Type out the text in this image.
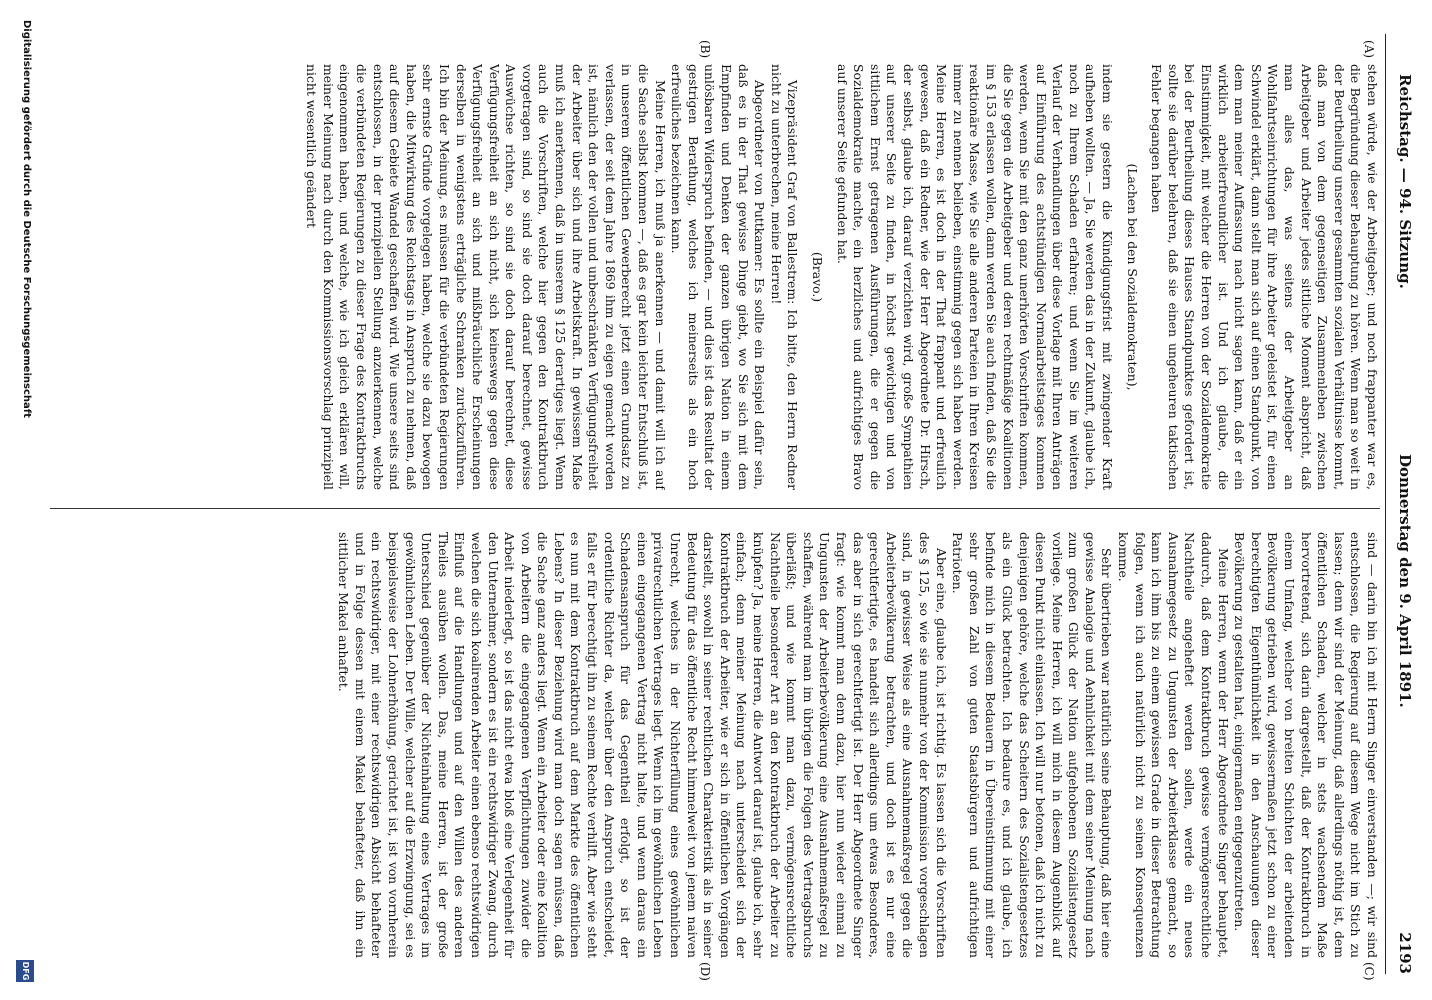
Reichstag. — 94. Sitzung.
Donnerstag den 9. April 1891.
2193
(A)
(B)
(C)
(D)

stehen würde, wie der Arbeitgeber; und noch frappanter war es, die Begründung dieser Behauptung zu hören. Wenn man so weit in der Beurtheilung unserer gesammten sozialen Verhältnisse kommt, daß man von dem gegenseitigen Zusammenleben zwischen Arbeitgeber und Arbeiter jedes sittliche Moment abspricht, daß man alles das, was seitens der Arbeitgeber an Wohlfahrtseinrichtungen für ihre Arbeiter geleistet ist, für einen Schwindel erklärt, dann stellt man sich auf einen Standpunkt, von dem man meiner Auffassung nach nicht sagen kann, daß er ein wirklich arbeiterfreundlicher ist. Und ich glaube, die Einstimmigkeit, mit welcher die Herren von der Sozialdemokratie bei der Beurtheilung dieses Hauses Standpunktes gefordert ist, sollte sie darüber belehren, daß sie einen ungeheuren taktischen Fehler begangen haben

(Lachen bei den Sozialdemokraten),

indem sie gestern die Kündigungsfrist mit zwingender Kraft aufheben wollten. — Ja, Sie werden das in der Zukunft, glaube ich, noch zu Ihrem Schaden erfahren; und wenn Sie im weiteren Verlauf der Verhandlungen über diese Vorlage mit Ihren Anträgen auf Einführung des achtstündigen Normalarbeitstages kommen werden, wenn Sie mit den ganz unerhörten Vorschriften kommen, die Sie gegen die Arbeitgeber und deren rechtmäßige Koalitionen im § 153 erlassen wollen, dann werden Sie auch finden, daß Sie die reaktionäre Masse, wie Sie alle anderen Parteien in Ihren Kreisen immer zu nennen belieben, einstimmig gegen sich haben werden. Meine Herren, es ist doch in der That frappant und erfreulich gewesen, daß ein Redner, wie der Herr Abgeordnete Dr. Hirsch, der selbst, glaube ich, darauf verzichten wird, große Sympathien auf unserer Seite zu finden, in höchst gewichtigen und von sittlichem Ernst getragenen Ausführungen, die er gegen die Sozialdemokratie machte, ein herzliches und aufrichtiges Bravo auf unserer Seite gefunden hat.

(Bravo.)

Vizepräsident Graf von Ballestrem: Ich bitte, den Herrn Redner nicht zu unterbrechen, meine Herren!

Abgeordneter von Puttkamer: Es sollte ein Beispiel dafür sein, daß es in der That gewisse Dinge giebt, wo Sie sich mit dem Empfinden und Denken der ganzen übrigen Nation in einem unlösbaren Widerspruch befinden, — und dies ist das Resultat der gestrigen Berathung, welches ich meinerseits als ein hoch erfreuliches bezeichnen kann.

Meine Herren, ich muß ja anerkennen — und damit will ich auf die Sache selbst kommen —, daß es gar kein leichter Entschluß ist, in unserem öffentlichen Gewerberecht jetzt einen Grundsatz zu verlassen, der seit dem Jahre 1869 ihm zu eigen gemacht worden ist, nämlich den der vollen und unbeschränkten Verfügungsfreiheit der Arbeiter über sich und ihre Arbeitskraft. In gewissem Maße muß ich anerkennen, daß in unserem § 125 derartiges liegt. Wenn auch die Vorschriften, welche hier gegen den Kontraktbruch vorgetragen sind, so sind sie doch darauf berechnet, gewisse Auswüchse richten, so sind sie doch darauf berechnet, diese Verfügungsfreiheit an sich nicht, sich keineswegs gegen diese Verfügungsfreiheit an sich und mißbräuchliche Erscheinungen derselben in wenigstens erträgliche Schranken zurückzuführen. Ich bin der Meinung, es müssen für die verbündeten Regierungen sehr ernste Gründe vorgelegen haben, welche sie dazu bewogen haben, die Mitwirkung des Reichstags in Anspruch zu nehmen, daß auf diesem Gebiete Wandel geschaffen wird. Wie unsere seits sind entschlossen, in der prinzipiellen Stellung anzuerkennen, welche die verbündeten Regierungen zu dieser Frage des Kontraktbruchs eingenommen haben, und welche, wie ich gleich erklären will, meiner Meinung nach durch den Kommissionsvorschlag prinzipiell nicht wesentlich geändert

sind — darin bin ich mit Herrn Singer einverstanden —; wir sind entschlossen, die Regierung auf diesem Wege nicht im Stich zu lassen; denn wir sind der Meinung, daß allerdings nöthig ist, dem öffentlichen Schaden, welcher in stets wachsendem Maße hervortretend, sich darin dargestellt, daß der Kontraktbruch in einem Umfang, welcher von breiten Schichten der arbeitenden Bevölkerung getrieben wird, gewissermaßen jetzt schon zu einer berechtigten Eigenthümlichkeit in den Anschauungen dieser Bevölkerung zu gestalten hat, einigermaßen entgegenzutreten.

Meine Herren, wenn der Herr Abgeordnete Singer behauptet, dadurch, daß dem Kontraktbruch gewisse vermögensrechtliche Nachtheile angeheftet werden sollen, werde ein neues Ausnahmegesetz zu Ungunsten der Arbeiterklasse gemacht, so kann ich ihm bis zu einem gewissen Grade in dieser Betrachtung folgen, wenn ich auch natürlich nicht zu seinen Konsequenzen komme.

Sehr übertrieben war natürlich seine Behauptung, daß hier eine gewisse Analogie und Aehnlichkeit mit dem seiner Meinung nach zum großen Glück der Nation aufgehobenen Sozialistengesetz vorliege. Meine Herren, ich will mich in diesem Augenblick auf diesen Punkt nicht einlassen. Ich will nur betonen, daß ich nicht zu denjenigen gehöre, welche das Scheitern des Sozialistengesetzes als ein Glück betrachten. Ich bedaure es, und ich glaube, ich befinde mich in diesem Bedauern in Übereinstimmung mit einer sehr großen Zahl von guten Staatsbürgern und aufrichtigen Patrioten.

Aber eine, glaube ich, ist richtig. Es lassen sich die Vorschriften des § 125, so wie sie nunmehr von der Kommission vorgeschlagen sind, in gewisser Weise als eine Ausnahmemaßregel gegen die Arbeiterbevölkerung betrachten, und doch ist es nur eine gerechtfertigte, es handelt sich allerdings um etwas Besonderes, das aber in sich gerechtfertigt ist. Der Herr Abgeordnete Singer fragt: wie kommt man denn dazu, hier nun wieder einmal zu Ungunsten der Arbeiterbevölkerung eine Ausnahmemaßregel zu schaffen, während man im übrigen die Folgen des Vertragsbruchs überläßt; und wie kommt man dazu, vermögensrechtliche Nachtheile besonderer Art an den Kontraktbruch der Arbeiter zu knüpfen? Ja, meine Herren, die Antwort darauf ist, glaube ich, sehr einfach; denn meiner Meinung nach unterscheidet sich der Kontraktbruch der Arbeiter, wie er sich in öffentlichen Vorgängen darstellt, sowohl in seiner rechtlichen Charakteristik als in seiner Bedeutung für das öffentliche Recht himmelweit von jenem naiven Unrecht, welches in der Nichterfüllung eines gewöhnlichen privatrechtlichen Vertrages liegt. Wenn ich im gewöhnlichen Leben einen eingegangenen Vertrag nicht halte, und wenn daraus ein Schadensanspruch für das Gegentheil erfolgt, so ist der ordentliche Richter da, welcher über den Anspruch entscheidet, falls er für berechtigt ihn zu seinem Rechte verhilft. Aber wie steht es nun mit dem Kontraktbruch auf dem Markte des öffentlichen Lebens? In dieser Beziehung wird man doch sagen müssen, daß die Sache ganz anders liegt. Wenn ein Arbeiter oder eine Koalition von Arbeitern die eingegangenen Verpflichtungen zuwider die Arbeit niederlegt, so ist das nicht etwa bloß eine Verlegenheit für den Unternehmer, sondern es ist ein rechtswidriger Zwang, durch welchen die sich koalirenden Arbeiter einen ebenso rechtswidrigen Einfluß auf die Handlungen und auf den Willen des anderen Theiles ausüben wollen. Das, meine Herren, ist der große Unterschied gegenüber der Nichteinhaltung eines Vertrages im gewöhnlichen Leben. Der Wille, welcher auf die Erzwingung, sei es beispielsweise der Lohnerhöhung, gerichtet ist, ist von vornherein ein rechtswidriger, mit einer rechtswidrigen Absicht behafteter und in Folge dessen mit einem Makel behafteter, daß ihn ein sittlicher Makel anhaftet.

Digitalisierung gefördert durch die Deutsche Forschungsgemeinschaft
DFG
